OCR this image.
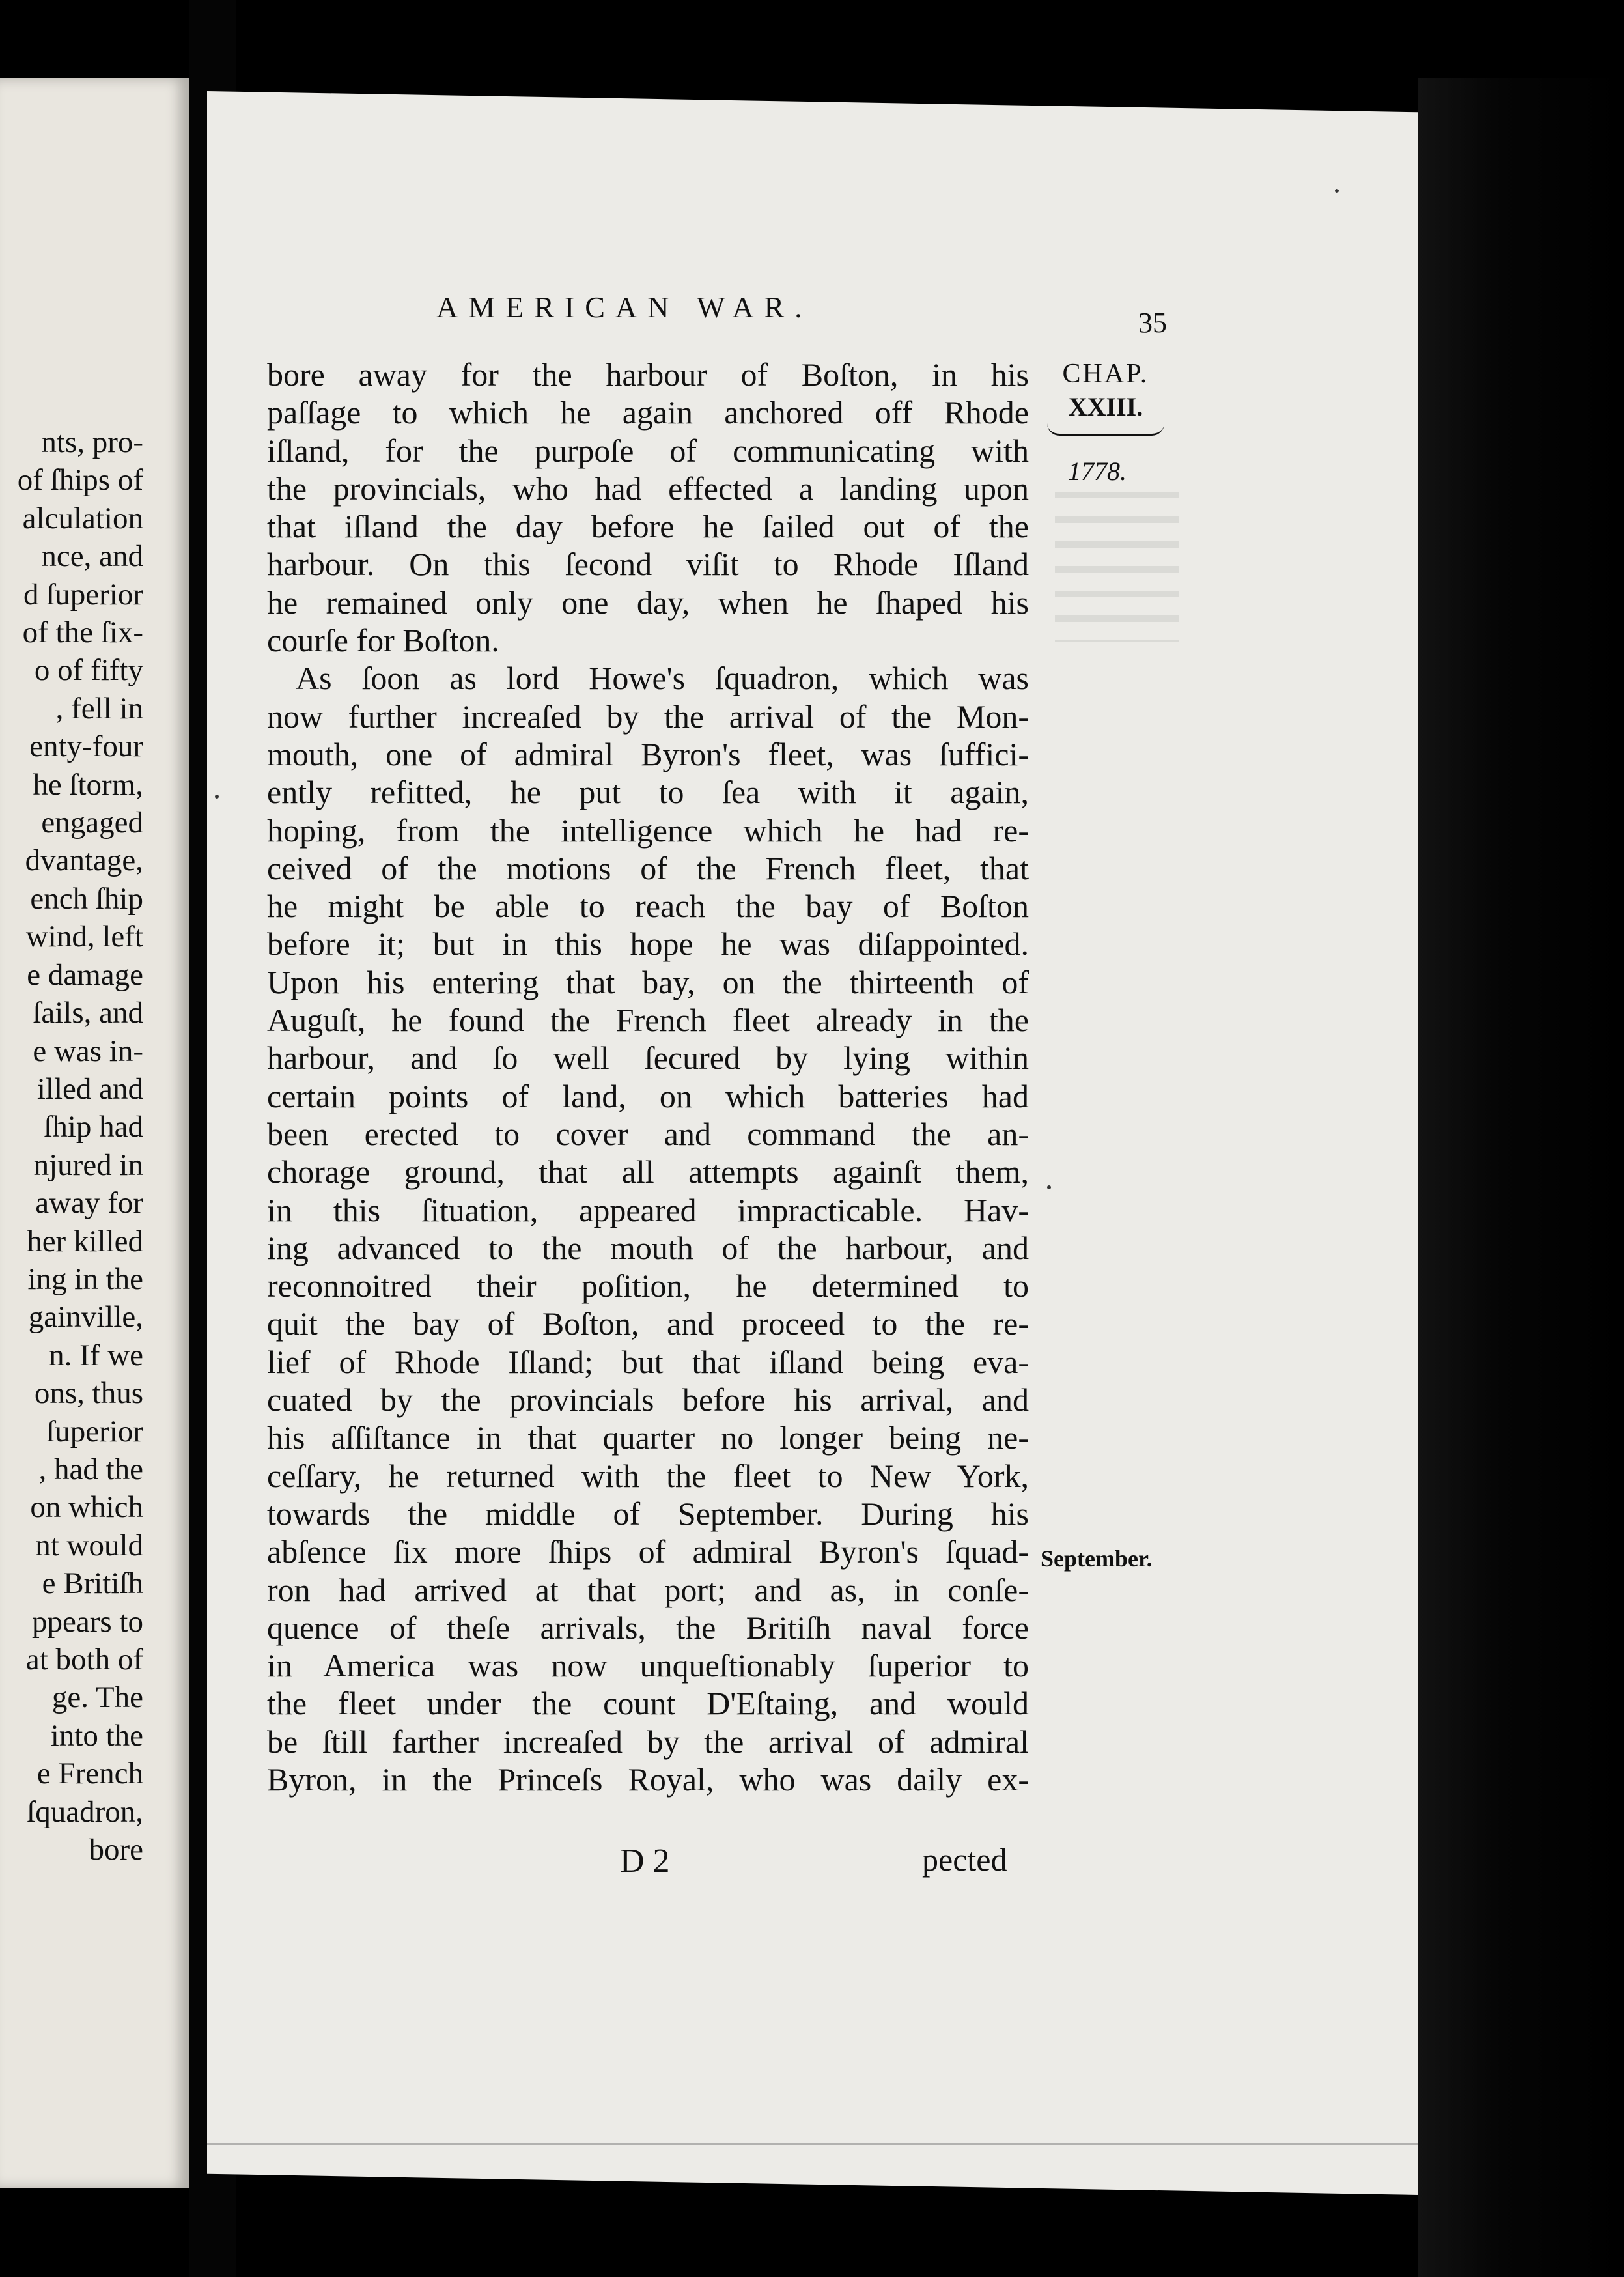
nts, pro-
of ſhips of
alculation
nce, and
d ſuperior
of the ſix-
o of fifty
, fell in
enty-four
he ſtorm,
engaged
dvantage,
ench ſhip
wind, left
e damage
ſails, and
e was in-
illed and
ſhip had
njured in
away for
her killed
ing in the
gainville,
n. If we
ons, thus
ſuperior
, had the
on which
nt would
e Britiſh
ppears to
at both of
ge. The
into the
e French
ſquadron,
bore
AMERICAN WAR.	35
CHAP.
XXIII.
1778.
September.
bore away for the harbour of Boſton, in his
paſſage to which he again anchored off Rhode
iſland, for the purpoſe of communicating with
the provincials, who had effected a landing upon
that iſland the day before he ſailed out of the
harbour. On this ſecond viſit to Rhode Iſland
he remained only one day, when he ſhaped his
courſe for Boſton.
As ſoon as lord Howe's ſquadron, which was
now further increaſed by the arrival of the Mon-
mouth, one of admiral Byron's fleet, was ſuffici-
ently refitted, he put to ſea with it again,
hoping, from the intelligence which he had re-
ceived of the motions of the French fleet, that
he might be able to reach the bay of Boſton
before it; but in this hope he was diſappointed.
Upon his entering that bay, on the thirteenth of
Auguſt, he found the French fleet already in the
harbour, and ſo well ſecured by lying within
certain points of land, on which batteries had
been erected to cover and command the an-
chorage ground, that all attempts againſt them,
in this ſituation, appeared impracticable. Hav-
ing advanced to the mouth of the harbour, and
reconnoitred their poſition, he determined to
quit the bay of Boſton, and proceed to the re-
lief of Rhode Iſland; but that iſland being eva-
cuated by the provincials before his arrival, and
his aſſiſtance in that quarter no longer being ne-
ceſſary, he returned with the fleet to New York,
towards the middle of September. During his
abſence ſix more ſhips of admiral Byron's ſquad-
ron had arrived at that port; and as, in conſe-
quence of theſe arrivals, the Britiſh naval force
in America was now unqueſtionably ſuperior to
the fleet under the count D'Eſtaing, and would
be ſtill farther increaſed by the arrival of admiral
Byron, in the Princeſs Royal, who was daily ex-
D 2	pected
